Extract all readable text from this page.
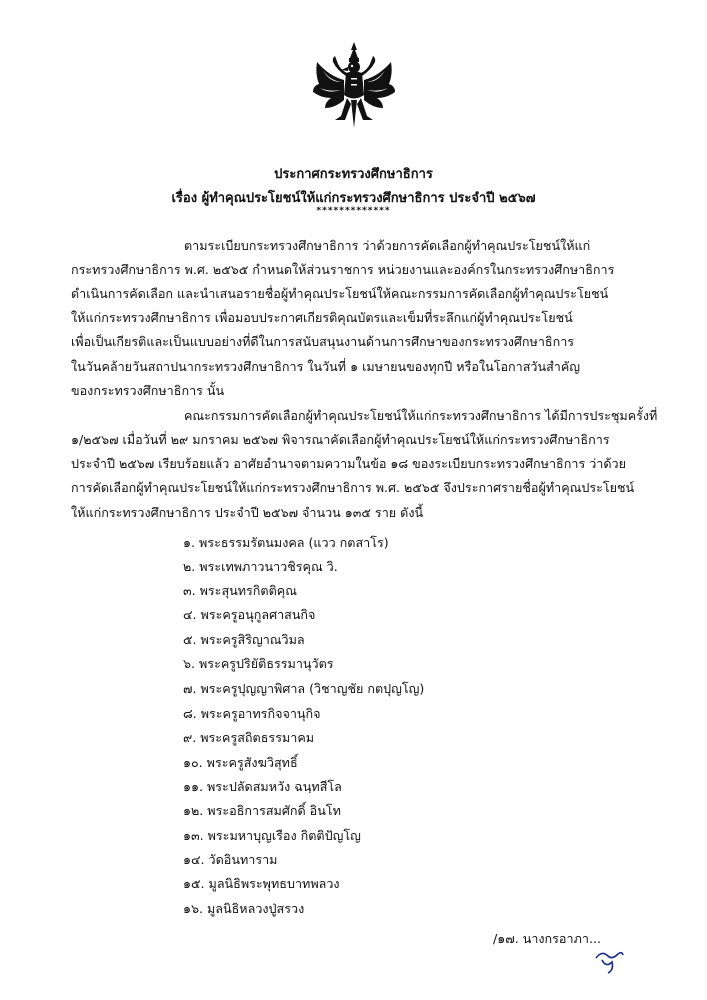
ประกาศกระทรวงศึกษาธิการ
เรื่อง ผู้ทำคุณประโยชน์ให้แก่กระทรวงศึกษาธิการ ประจำปี ๒๕๖๗
*************
ตามระเบียบกระทรวงศึกษาธิการ ว่าด้วยการคัดเลือกผู้ทำคุณประโยชน์ให้แก่
กระทรวงศึกษาธิการ พ.ศ. ๒๕๖๕ กำหนดให้ส่วนราชการ หน่วยงานและองค์กรในกระทรวงศึกษาธิการ
ดำเนินการคัดเลือก และนำเสนอรายชื่อผู้ทำคุณประโยชน์ให้คณะกรรมการคัดเลือกผู้ทำคุณประโยชน์
ให้แก่กระทรวงศึกษาธิการ เพื่อมอบประกาศเกียรติคุณบัตรและเข็มที่ระลึกแก่ผู้ทำคุณประโยชน์
เพื่อเป็นเกียรติและเป็นแบบอย่างที่ดีในการสนับสนุนงานด้านการศึกษาของกระทรวงศึกษาธิการ
ในวันคล้ายวันสถาปนากระทรวงศึกษาธิการ ในวันที่ ๑ เมษายนของทุกปี หรือในโอกาสวันสำคัญ
ของกระทรวงศึกษาธิการ นั้น
คณะกรรมการคัดเลือกผู้ทำคุณประโยชน์ให้แก่กระทรวงศึกษาธิการ ได้มีการประชุมครั้งที่
๑/๒๕๖๗ เมื่อวันที่ ๒๙ มกราคม ๒๕๖๗ พิจารณาคัดเลือกผู้ทำคุณประโยชน์ให้แก่กระทรวงศึกษาธิการ
ประจำปี ๒๕๖๗ เรียบร้อยแล้ว อาศัยอำนาจตามความในข้อ ๑๘ ของระเบียบกระทรวงศึกษาธิการ ว่าด้วย
การคัดเลือกผู้ทำคุณประโยชน์ให้แก่กระทรวงศึกษาธิการ พ.ศ. ๒๕๖๕ จึงประกาศรายชื่อผู้ทำคุณประโยชน์
ให้แก่กระทรวงศึกษาธิการ ประจำปี ๒๕๖๗ จำนวน ๑๓๕ ราย ดังนี้
๑. พระธรรมรัตนมงคล (แวว กตสาโร)
๒. พระเทพภาวนาวชิรคุณ วิ.
๓. พระสุนทรกิตติคุณ
๔. พระครูอนุกูลศาสนกิจ
๕. พระครูสิริญาณวิมล
๖. พระครูปริยัติธรรมานุวัตร
๗. พระครูปุญญาพิศาล (วิชาญชัย กตปุญโญ)
๘. พระครูอาทรกิจจานุกิจ
๙. พระครูสถิตธรรมาคม
๑๐. พระครูสังฆวิสุทธิ์
๑๑. พระปลัดสมหวัง ฉนฺทสีโล
๑๒. พระอธิการสมศักดิ์ อินโท
๑๓. พระมหาบุญเรือง กิตติปัญโญ
๑๔. วัดอินทาราม
๑๕. มูลนิธิพระพุทธบาทพลวง
๑๖. มูลนิธิหลวงปู่สรวง
/๑๗. นางกรอาภา...
